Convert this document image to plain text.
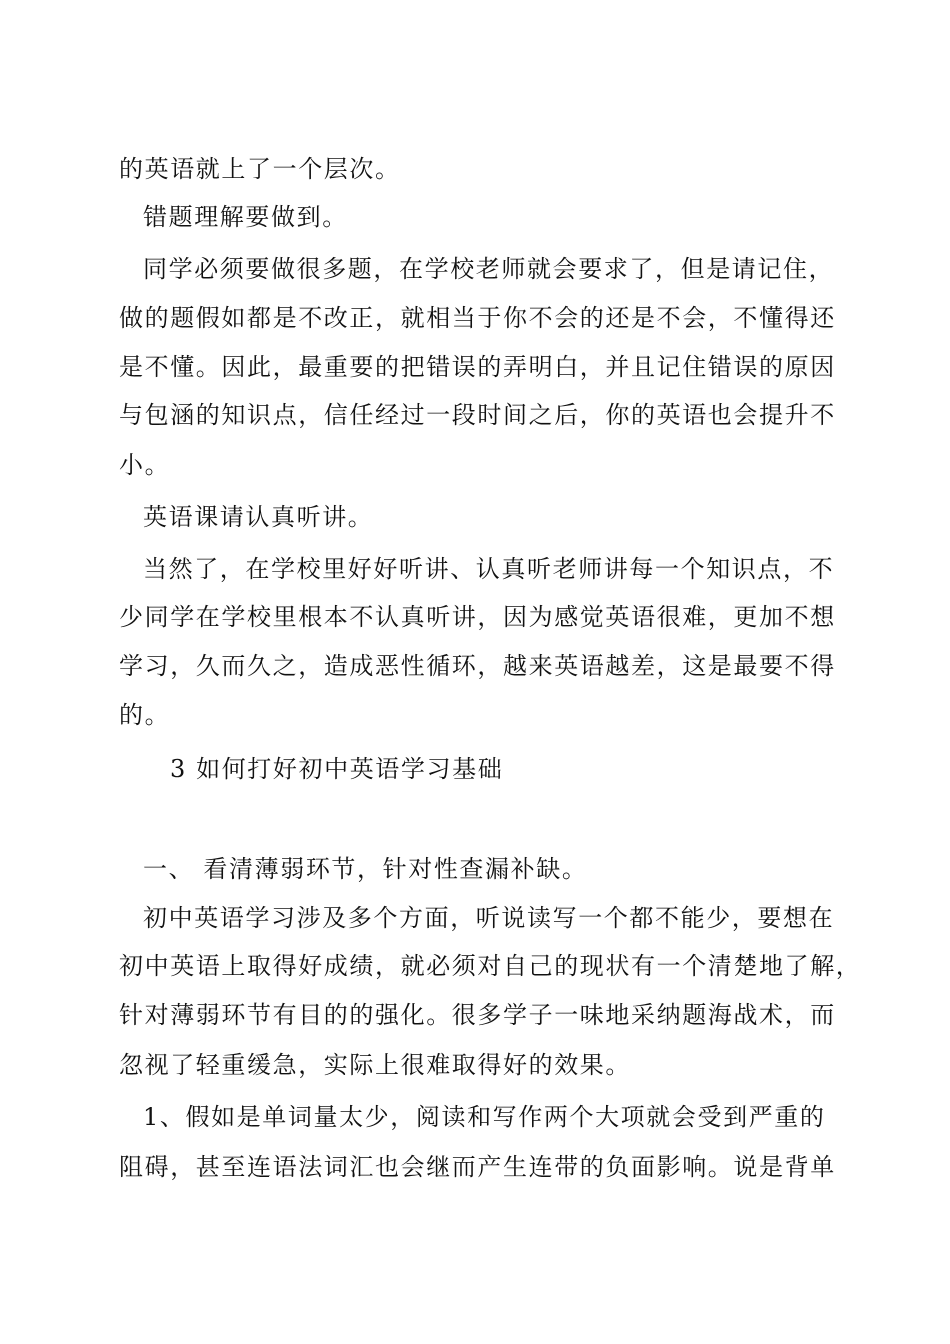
的英语就上了一个层次。
错题理解要做到。
同学必须要做很多题，在学校老师就会要求了，但是请记住，
做的题假如都是不改正，就相当于你不会的还是不会，不懂得还
是不懂。因此，最重要的把错误的弄明白，并且记住错误的原因
与包涵的知识点，信任经过一段时间之后，你的英语也会提升不
小。
英语课请认真听讲。
当然了，在学校里好好听讲、认真听老师讲每一个知识点，不
少同学在学校里根本不认真听讲，因为感觉英语很难，更加不想
学习，久而久之，造成恶性循环，越来英语越差，这是最要不得
的。
3 如何打好初中英语学习基础
一、 看清薄弱环节，针对性查漏补缺。
初中英语学习涉及多个方面，听说读写一个都不能少，要想在
初中英语上取得好成绩，就必须对自己的现状有一个清楚地了解，
针对薄弱环节有目的的强化。很多学子一味地采纳题海战术，而
忽视了轻重缓急，实际上很难取得好的效果。
1、假如是单词量太少，阅读和写作两个大项就会受到严重的
阻碍，甚至连语法词汇也会继而产生连带的负面影响。说是背单
